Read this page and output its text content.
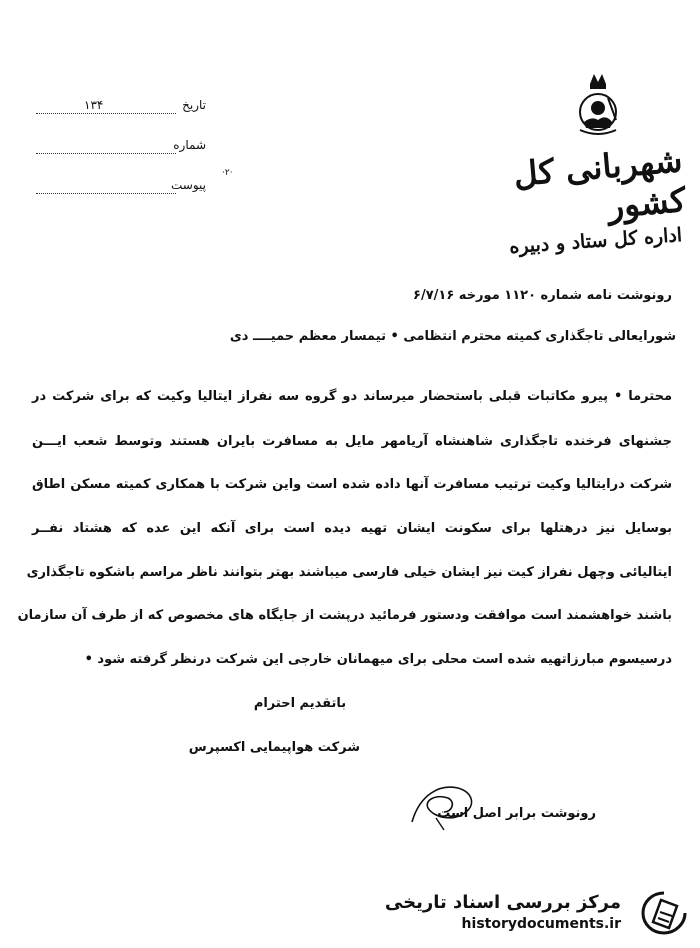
شهربانی کل کشور
اداره کل ستاد و دبیره
۱۳۴	تاریخ
شماره
پیوست
·۲·
رونوشت نامه شماره ۱۱۲۰ مورخه ۶/۷/۱۶
شورایعالی تاجگذاری کمیته محترم انتظامی • تیمسار معظم حمیــــ دی
محترما • پیرو مکاتبات قبلی باستحضار میرساند دو گروه سه نفراز ایتالیا وکیت که برای شرکت در
جشنهای فرخنده تاجگذاری شاهنشاه آریامهر مایل به مسافرت بایران هستند وتوسط شعب ایـــن
شرکت درایتالیا وکیت ترتیب مسافرت آنها داده شده است واین شرکت با همکاری کمیته مسکن اطاق
بوسایل نیز درهتلها برای سکونت ایشان تهیه دیده است برای آنکه این عده که هشتاد نفــر
ایتالیائی وچهل نفراز کیت نیز ایشان خیلی فارسی میباشند بهتر بتوانند ناظر مراسم باشکوه تاجگذاری
باشند خواهشمند است موافقت ودستور فرمائید درپشت از جایگاه های مخصوص که از طرف آن سازمان
درسیسوم مبارزاتهیه شده است محلی برای میهمانان خارجی این شرکت درنظر گرفته شود •
باتقدیم احترام
شرکت هواپیمایی اکسپرس
رونوشت برابر اصل است
مرکز بررسی اسناد تاریخی
historydocuments.ir
